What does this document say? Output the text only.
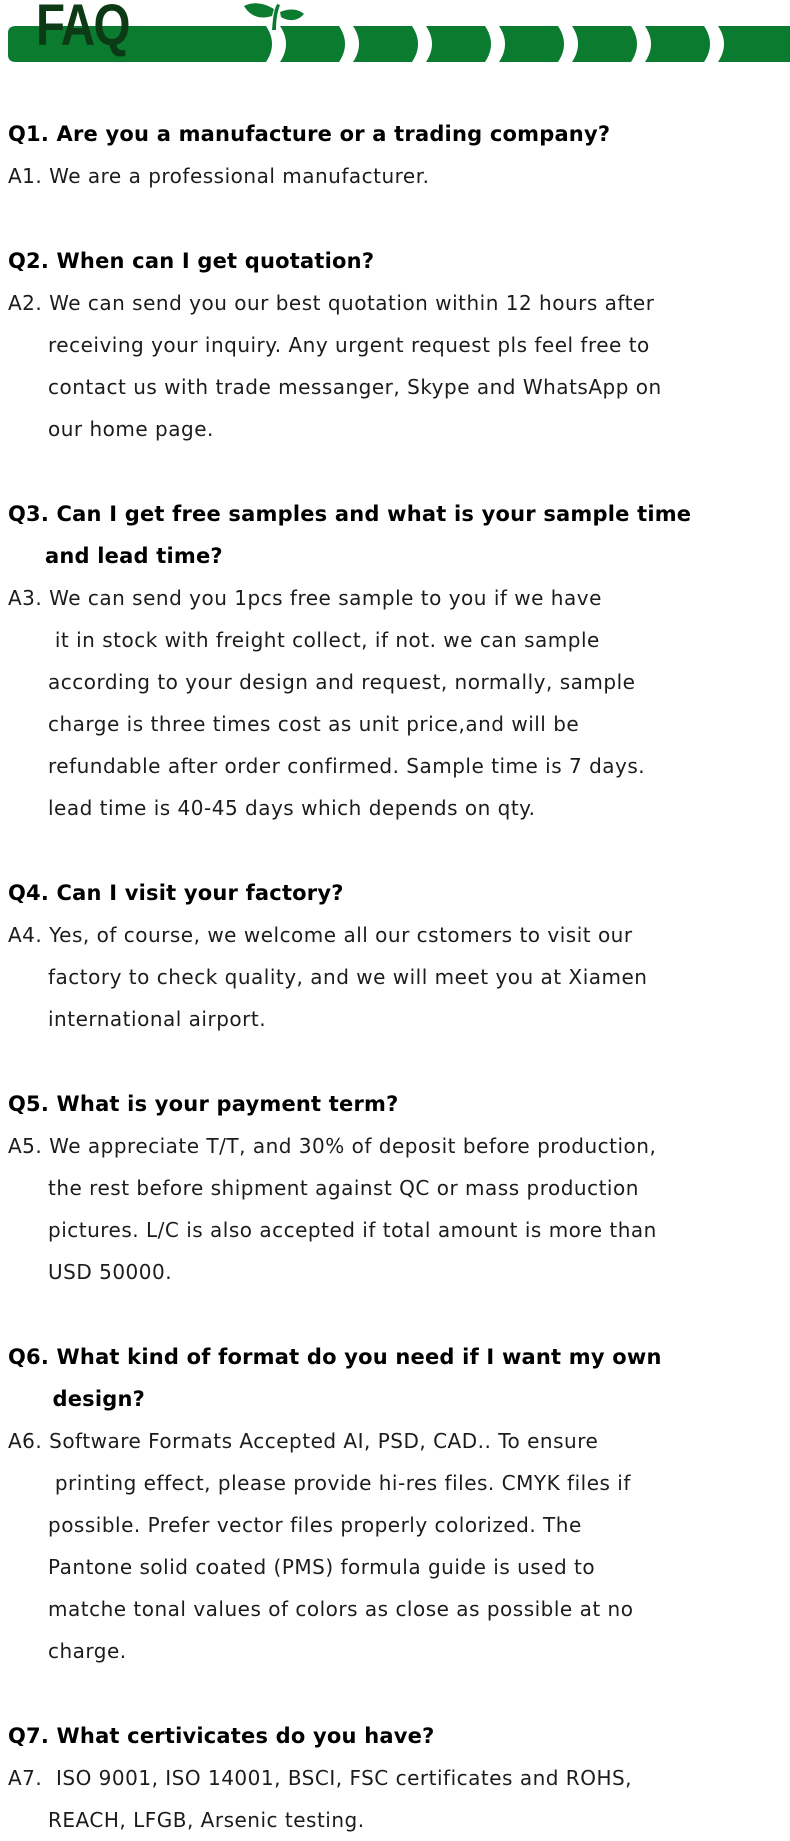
FAQ
Q1. Are you a manufacture or a trading company?
A1. We are a professional manufacturer.
Q2. When can I get quotation?
A2. We can send you our best quotation within 12 hours after
receiving your inquiry. Any urgent request pls feel free to
contact us with trade messanger, Skype and WhatsApp on
our home page.
Q3. Can I get free samples and what is your sample time
and lead time?
A3. We can send you 1pcs free sample to you if we have
it in stock with freight collect, if not. we can sample
according to your design and request, normally, sample
charge is three times cost as unit price,and will be
refundable after order confirmed. Sample time is 7 days.
lead time is 40-45 days which depends on qty.
Q4. Can I visit your factory?
A4. Yes, of course, we welcome all our cstomers to visit our
factory to check quality, and we will meet you at Xiamen
international airport.
Q5. What is your payment term?
A5. We appreciate T/T, and 30% of deposit before production,
the rest before shipment against QC or mass production
pictures. L/C is also accepted if total amount is more than
USD 50000.
Q6. What kind of format do you need if I want my own
design?
A6. Software Formats Accepted AI, PSD, CAD.. To ensure
printing effect, please provide hi-res files. CMYK files if
possible. Prefer vector files properly colorized. The
Pantone solid coated (PMS) formula guide is used to
matche tonal values of colors as close as possible at no
charge.
Q7. What certivicates do you have?
A7.  ISO 9001, ISO 14001, BSCI, FSC certificates and ROHS,
REACH, LFGB, Arsenic testing.
